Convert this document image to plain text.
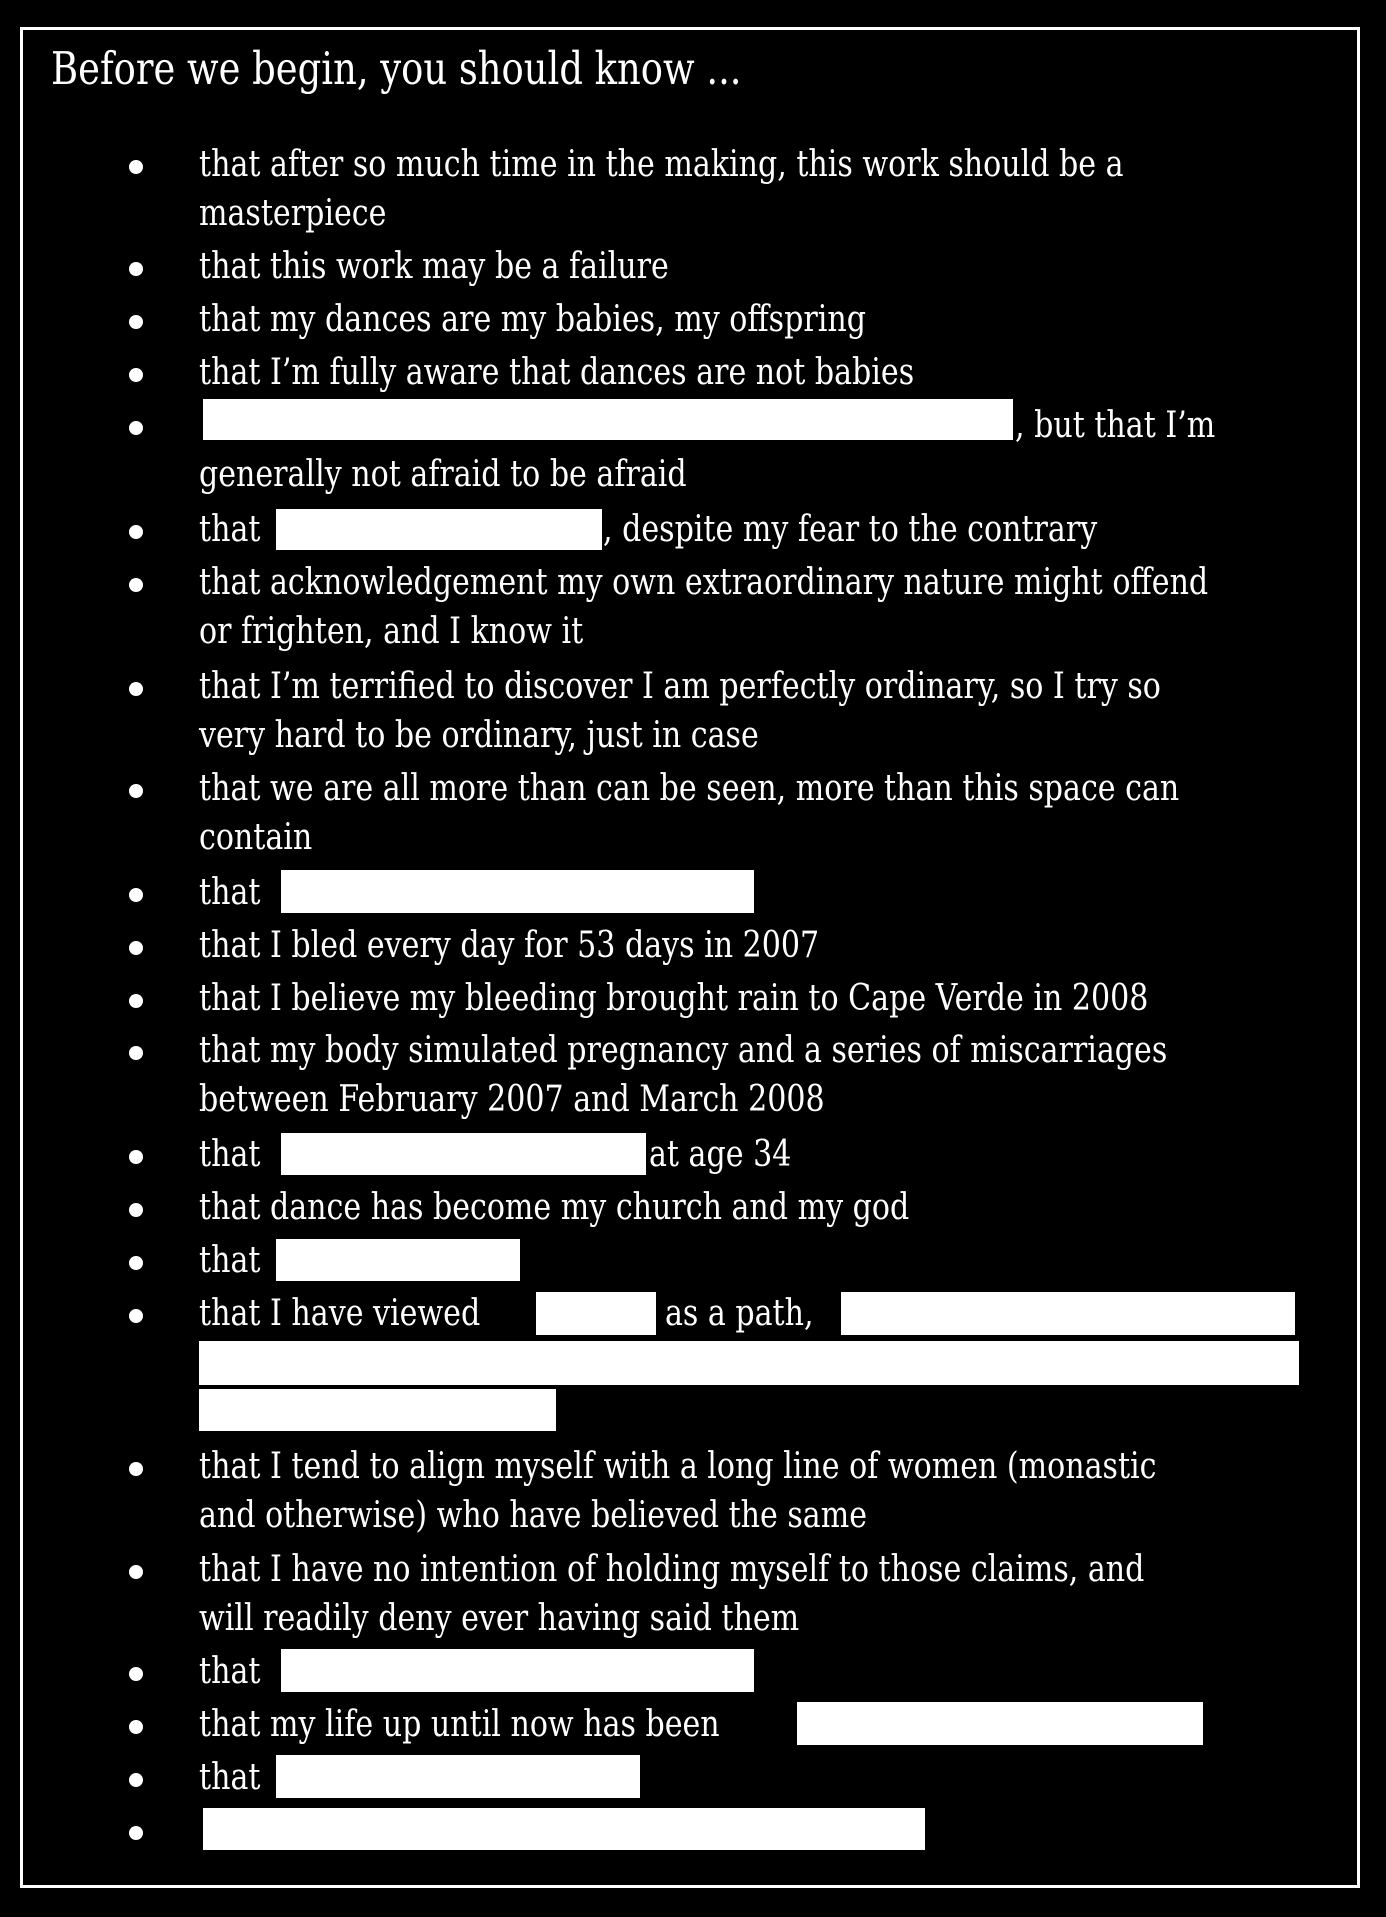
Before we begin, you should know ...
that after so much time in the making, this work should be a
masterpiece
that this work may be a failure
that my dances are my babies, my offspring
that I’m fully aware that dances are not babies
, but that I’m
generally not afraid to be afraid
that	, despite my fear to the contrary
that acknowledgement my own extraordinary nature might offend
or frighten, and I know it
that I’m terrified to discover I am perfectly ordinary, so I try so
very hard to be ordinary, just in case
that we are all more than can be seen, more than this space can
contain
that
that I bled every day for 53 days in 2007
that I believe my bleeding brought rain to Cape Verde in 2008
that my body simulated pregnancy and a series of miscarriages
between February 2007 and March 2008
that	at age 34
that dance has become my church and my god
that
that I have viewed	as a path,
that I tend to align myself with a long line of women (monastic
and otherwise) who have believed the same
that I have no intention of holding myself to those claims, and
will readily deny ever having said them
that
that my life up until now has been
that
